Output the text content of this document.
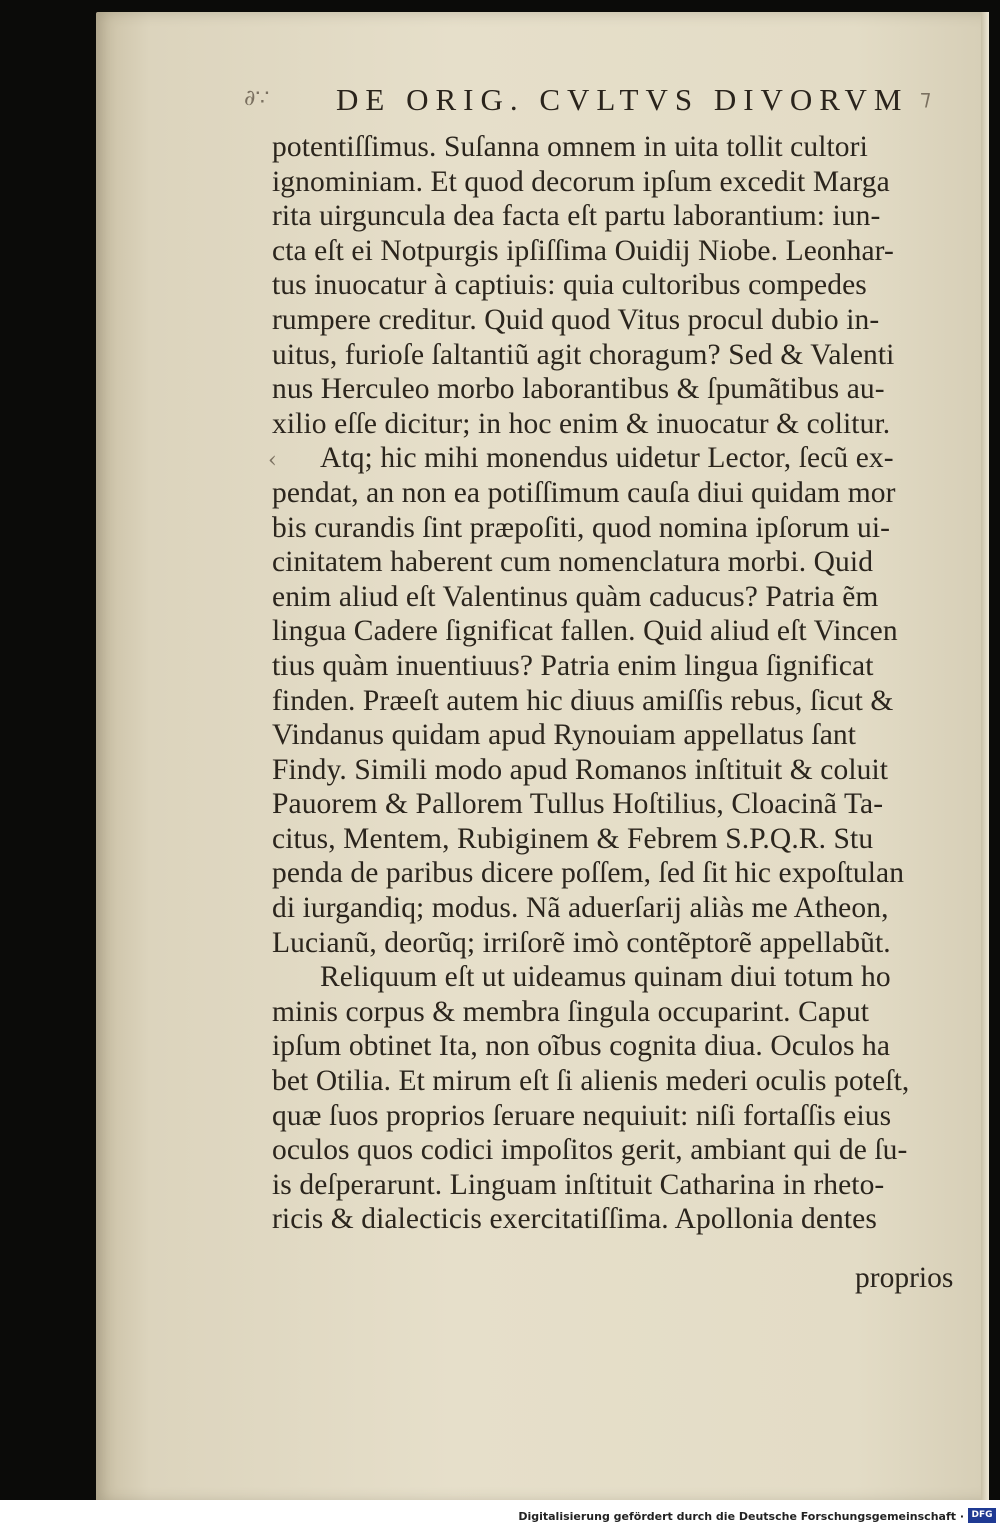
∂∵	⁊
‹
DE ORIG. CVLTVS DIVORVM
potentiſſimus. Suſanna omnem in uita tollit cultori
ignominiam. Et quod decorum ipſum excedit Marga
rita uirguncula dea facta eſt partu laborantium: iun-
cta eſt ei Notpurgis ipſiſſima Ouidij Niobe. Leonhar-
tus inuocatur à captiuis: quia cultoribus compedes
rumpere creditur. Quid quod Vitus procul dubio in-
uitus, furioſe ſaltantiũ agit choragum? Sed & Valenti
nus Herculeo morbo laborantibus & ſpumãtibus au-
xilio eſſe dicitur; in hoc enim & inuocatur & colitur.
Atq; hic mihi monendus uidetur Lector, ſecũ ex-
pendat, an non ea potiſſimum cauſa diui quidam mor
bis curandis ſint præpoſiti, quod nomina ipſorum ui-
cinitatem haberent cum nomenclatura morbi. Quid
enim aliud eſt Valentinus quàm caducus? Patria ẽm
lingua Cadere ſignificat fallen. Quid aliud eſt Vincen
tius quàm inuentiuus? Patria enim lingua ſignificat
finden. Præeſt autem hic diuus amiſſis rebus, ſicut &
Vindanus quidam apud Rynouiam appellatus ſant
Findy. Simili modo apud Romanos inſtituit & coluit
Pauorem & Pallorem Tullus Hoſtilius, Cloacinã Ta-
citus, Mentem, Rubiginem & Febrem S.P.Q.R. Stu
penda de paribus dicere poſſem, ſed ſit hic expoſtulan
di iurgandiq; modus. Nã aduerſarij aliàs me Atheon,
Lucianũ, deorũq; irriſorẽ imò contẽptorẽ appellabũt.
Reliquum eſt ut uideamus quinam diui totum ho
minis corpus & membra ſingula occuparint. Caput
ipſum obtinet Ita, non oĩbus cognita diua. Oculos ha
bet Otilia. Et mirum eſt ſi alienis mederi oculis poteſt,
quæ ſuos proprios ſeruare nequiuit: niſi fortaſſis eius
oculos quos codici impoſitos gerit, ambiant qui de ſu-
is deſperarunt. Linguam inſtituit Catharina in rheto-
ricis & dialecticis exercitatiſſima. Apollonia dentes
proprios
Digitalisierung gefördert durch die Deutsche Forschungsgemeinschaft · DFG
